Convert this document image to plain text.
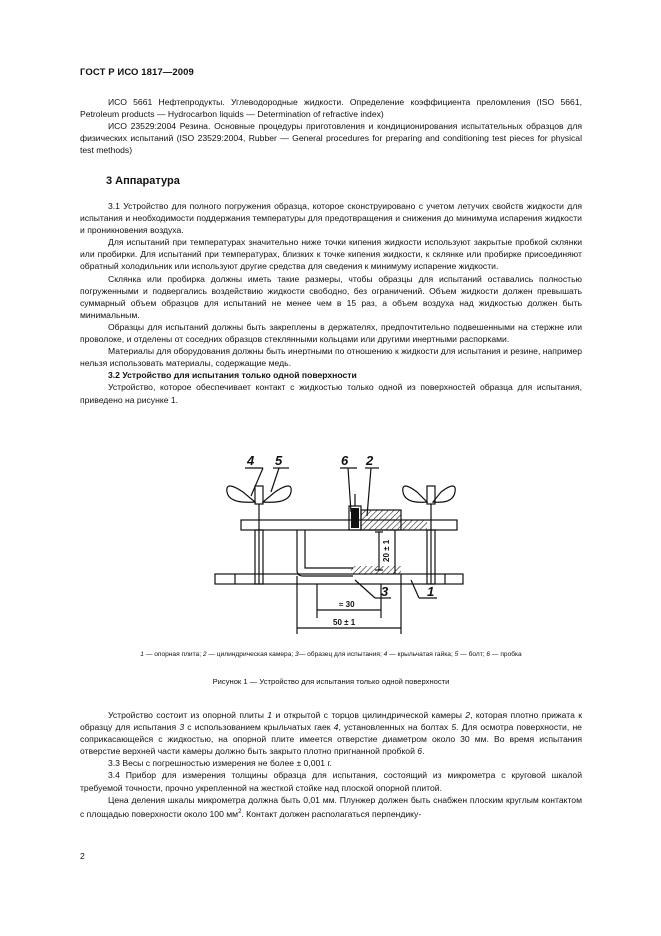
ГОСТ Р ИСО 1817—2009

ИСО 5661 Нефтепродукты. Углеводородные жидкости. Определение коэффициента преломления (ISO 5661, Petroleum products — Hydrocarbon liquids — Determination of refractive index)

ИСО 23529:2004 Резина. Основные процедуры приготовления и кондиционирования испытательных образцов для физических испытаний (ISO 23529:2004, Rubber — General procedures for preparing and conditioning test pieces for physical test methods)

3 Аппаратура

3.1 Устройство для полного погружения образца, которое сконструировано с учетом летучих свойств жидкости для испытания и необходимости поддержания температуры для предотвращения и снижения до минимума испарения жидкости и проникновения воздуха.

Для испытаний при температурах значительно ниже точки кипения жидкости используют закрытые пробкой склянки или пробирки. Для испытаний при температурах, близких к точке кипения жидкости, к склянке или пробирке присоединяют обратный холодильник или используют другие средства для сведения к минимуму испарение жидкости.

Склянка или пробирка должны иметь такие размеры, чтобы образцы для испытаний оставались полностью погруженными и подвергались воздействию жидкости свободно, без ограничений. Объем жидкости должен превышать суммарный объем образцов для испытаний не менее чем в 15 раз, а объем воздуха над жидкостью должен быть минимальным.

Образцы для испытаний должны быть закреплены в держателях, предпочтительно подвешенными на стержне или проволоке, и отделены от соседних образцов стеклянными кольцами или другими инертными распорками.

Материалы для оборудования должны быть инертными по отношению к жидкости для испытания и резине, например нельзя использовать материалы, содержащие медь.

3.2 Устройство для испытания только одной поверхности

Устройство, которое обеспечивает контакт с жидкостью только одной из поверхностей образца для испытания, приведено на рисунке 1.

4 5	6 2
3	1
20 ± 1
≈ 30
50 ± 1
1 — опорная плита; 2 — цилиндрическая камера; 3— образец для испытания; 4 — крыльчатая гайка; 5 — болт; 6 — пробка
Рисунок 1 — Устройство для испытания только одной поверхности

Устройство состоит из опорной плиты 1 и открытой с торцов цилиндрической камеры 2, которая плотно прижата к образцу для испытания 3 с использованием крыльчатых гаек 4, установленных на болтах 5. Для осмотра поверхности, не соприкасающейся с жидкостью, на опорной плите имеется отверстие диаметром около 30 мм. Во время испытания отверстие верхней части камеры должно быть закрыто плотно пригнанной пробкой 6.

3.3 Весы с погрешностью измерения не более ± 0,001 г.

3.4 Прибор для измерения толщины образца для испытания, состоящий из микрометра с круговой шкалой требуемой точности, прочно укрепленной на жесткой стойке над плоской опорной плитой.

Цена деления шкалы микрометра должна быть 0,01 мм. Плунжер должен быть снабжен плоским круглым контактом с площадью поверхности около 100 $мм^2$. Контакт должен располагаться перпендику-

2
